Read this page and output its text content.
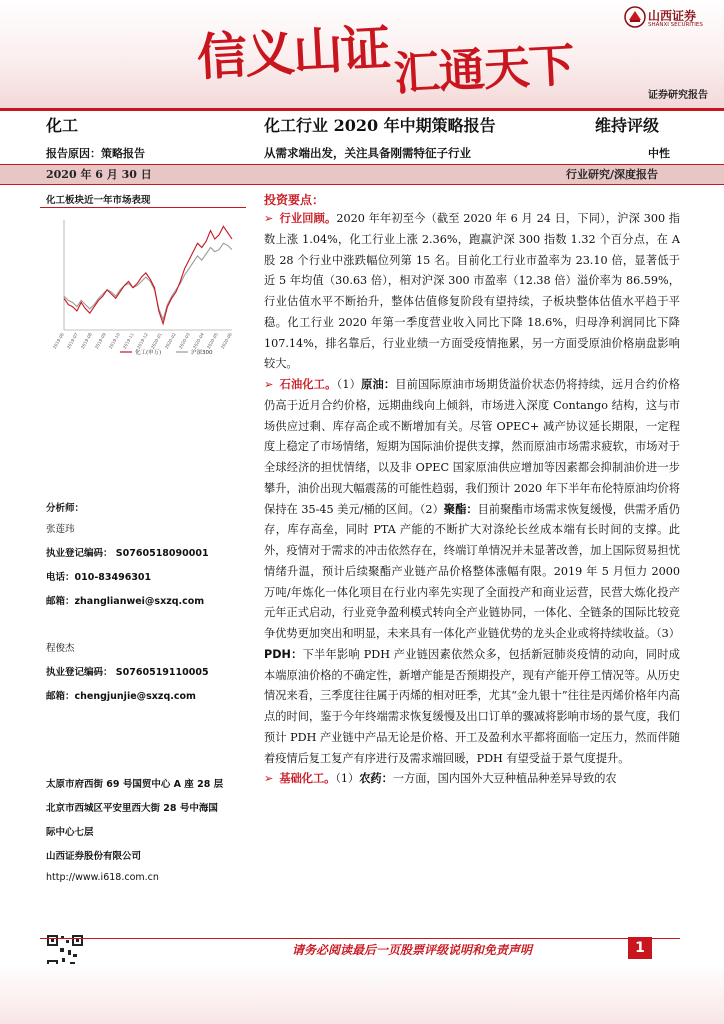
信义山证 汇通天下
山西证券
SHANXI SECURITIES
证券研究报告
化工	化工行业 2020 年中期策略报告	维持评级
报告原因：策略报告	从需求端出发，关注具备刚需特征子行业	中性
2020 年 6 月 30 日	行业研究/深度报告
化工板块近一年市场表现
2019-06 2019-07 2019-08 2019-09 2019-10 2019-11 2019-12 2020-01 2020-02 2020-03 2020-04 2020-05 2020-06
化工(申万)	沪深300
分析师：
张莲玮
执业登记编码： S0760518090001
电话：010-83496301
邮箱：zhanglianwei@sxzq.com
程俊杰
执业登记编码： S0760519110005
邮箱：chengjunjie@sxzq.com
太原市府西街 69 号国贸中心 A 座 28 层
北京市西城区平安里西大街 28 号中海国
际中心七层
山西证券股份有限公司
http://www.i618.com.cn
投资要点：

➢ 行业回顾。2020 年年初至今（截至 2020 年 6 月 24 日，下同），沪深 300 指数上涨 1.04%，化工行业上涨 2.36%，跑赢沪深 300 指数 1.32 个百分点，在 A 股 28 个行业中涨跌幅位列第 15 名。目前化工行业市盈率为 23.10 倍，显著低于近 5 年均值（30.63 倍），相对沪深 300 市盈率（12.38 倍）溢价率为 86.59%，行业估值水平不断抬升，整体估值修复阶段有望持续，子板块整体估值水平趋于平稳。化工行业 2020 年第一季度营业收入同比下降 18.6%，归母净利润同比下降 107.14%，排名靠后，行业业绩一方面受疫情拖累，另一方面受原油价格崩盘影响较大。

➢ 石油化工。（1）原油：目前国际原油市场期货溢价状态仍将持续，远月合约价格仍高于近月合约价格，远期曲线向上倾斜，市场进入深度 Contango 结构，这与市场供应过剩、库存高企或不断增加有关。尽管 OPEC+ 减产协议延长期限，一定程度上稳定了市场情绪，短期为国际油价提供支撑，然而原油市场需求疲软，市场对于全球经济的担忧情绪，以及非 OPEC 国家原油供应增加等因素都会抑制油价进一步攀升，油价出现大幅震荡的可能性趋弱，我们预计 2020 年下半年布伦特原油均价将保持在 35-45 美元/桶的区间。（2）聚酯：目前聚酯市场需求恢复缓慢，供需矛盾仍存，库存高垒，同时 PTA 产能的不断扩大对涤纶长丝成本端有长时间的支撑。此外，疫情对于需求的冲击依然存在，终端订单情况并未显著改善，加上国际贸易担忧情绪升温，预计后续聚酯产业链产品价格整体涨幅有限。2019 年 5 月恒力 2000 万吨/年炼化一体化项目在行业内率先实现了全面投产和商业运营，民营大炼化投产元年正式启动，行业竞争盈利模式转向全产业链协同，一体化、全链条的国际比较竞争优势更加突出和明显，未来具有一体化产业链优势的龙头企业或将持续收益。（3）PDH：下半年影响 PDH 产业链因素依然众多，包括新冠肺炎疫情的动向，同时成本端原油价格的不确定性，新增产能是否预期投产，现有产能开停工情况等。从历史情况来看，三季度往往属于丙烯的相对旺季，尤其“金九银十”往往是丙烯价格年内高点的时间，鉴于今年终端需求恢复缓慢及出口订单的骤减将影响市场的景气度，我们预计 PDH 产业链中产品无论是价格、开工及盈利水平都将面临一定压力，然而伴随着疫情后复工复产有序进行及需求端回暖，PDH 有望受益于景气度提升。

➢ 基础化工。（1）农药：一方面，国内国外大豆种植品种差异导致的农

请务必阅读最后一页股票评级说明和免责声明	1
